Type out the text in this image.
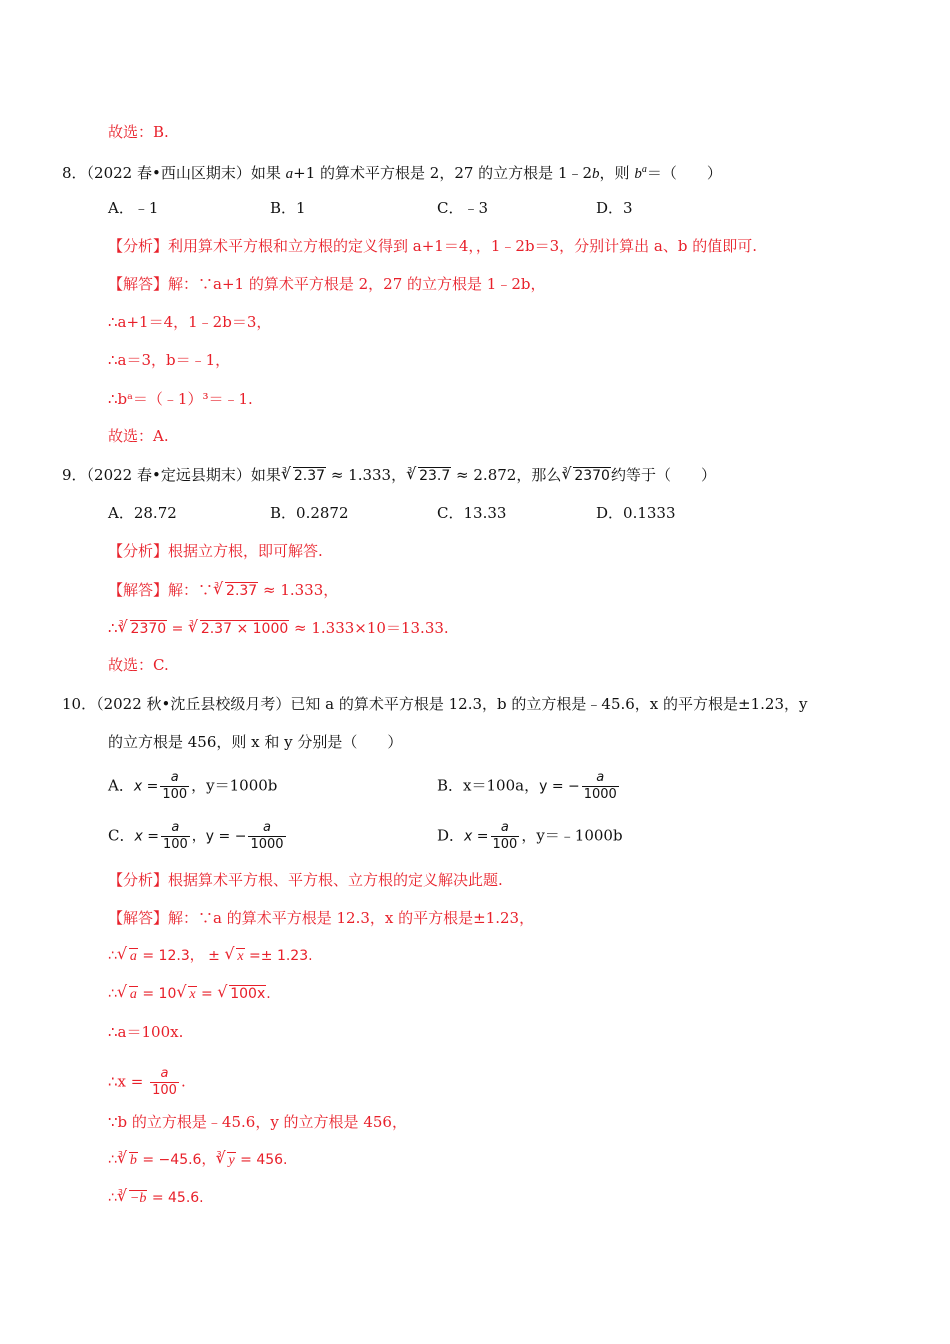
故选：B.
8．（2022 春•西山区期末）如果 a+1 的算术平方根是 2，27 的立方根是 1﹣2b，则 $b^a=$（　　）
A．﹣1	B．1	C．﹣3	D．3
【分析】利用算术平方根和立方根的定义得到 a+1＝4，，1﹣2b＝3，分别计算出 a、b 的值即可.
【解答】解：∵a+1 的算术平方根是 2，27 的立方根是 1﹣2b，
∴a+1＝4，1﹣2b＝3，
∴a＝3，b＝﹣1，
∴bᵃ＝（﹣1）³＝﹣1.
故选：A.
9．（2022 春•定远县期末）如果 √ 3 2.37 ≈ 1.333， √ 3 23.7 ≈ 2.872，那么 √ 3 2370约等于（　　）
A．28.72	B．0.2872	C．13.33	D．0.1333
【分析】根据立方根，即可解答.
【解答】解：∵ √ 3 2.37 ≈ 1.333，
∴ √ 3 2370 = √ 3 2.37 × 1000 ≈ 1.333×10＝13.33.
故选：C.
10．（2022 秋•沈丘县校级月考）已知 a 的算术平方根是 12.3，b 的立方根是﹣45.6，x 的平方根是±1.23，y
的立方根是 456，则 x 和 y 分别是（　　）
A．$x = \frac{a}{100}$ ，y＝1000b	B．x＝100a，y = − $\frac{a}{1000}$
C．$x = \frac{a}{100}$ ，y = − $\frac{a}{1000}$	D．$x = \frac{a}{100}$ ，y＝﹣1000b
【分析】根据算术平方根、平方根、立方根的定义解决此题.
【解答】解：∵a 的算术平方根是 12.3，x 的平方根是±1.23，
∴ √ a = 12.3， ± √ x =± 1.23.
∴ √ a = 10 √ x = √ 100x.
∴a＝100x.
∴x = $\frac{a}{100}$ .
∵b 的立方根是﹣45.6，y 的立方根是 456，
∴ √ 3 b = −45.6， √ 3 y = 456.
∴ √ 3 −b = 45.6.
